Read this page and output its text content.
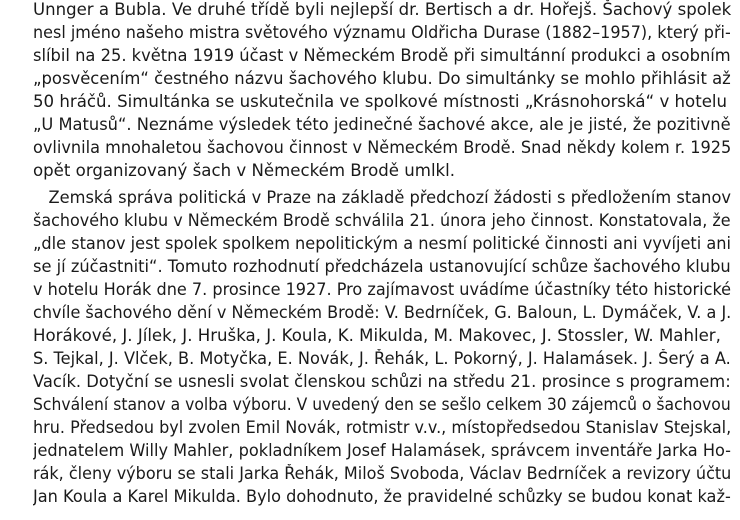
Unnger a Bubla. Ve druhé třídě byli nejlepší dr. Bertisch a dr. Hořejš. Šachový spolek
nesl jméno našeho mistra světového významu Oldřicha Durase (1882–1957), který při-
slíbil na 25. května 1919 účast v Německém Brodě při simultánní produkci a osobním
„posvěcením“ čestného názvu šachového klubu. Do simultánky se mohlo přihlásit až
50 hráčů. Simultánka se uskutečnila ve spolkové místnosti „Krásnohorská“ v hotelu
„U Matusů“. Neznáme výsledek této jedinečné šachové akce, ale je jisté, že pozitivně
ovlivnila mnohaletou šachovou činnost v Německém Brodě. Snad někdy kolem r. 1925
opět organizovaný šach v Německém Brodě umlkl.
Zemská správa politická v Praze na základě předchozí žádosti s předložením stanov
šachového klubu v Německém Brodě schválila 21. února jeho činnost. Konstatovala, že
„dle stanov jest spolek spolkem nepolitickým a nesmí politické činnosti ani vyvíjeti ani
se jí zúčastniti“. Tomuto rozhodnutí předcházela ustanovující schůze šachového klubu
v hotelu Horák dne 7. prosince 1927. Pro zajímavost uvádíme účastníky této historické
chvíle šachového dění v Německém Brodě: V. Bedrníček, G. Baloun, L. Dymáček, V. a J.
Horákové, J. Jílek, J. Hruška, J. Koula, K. Mikulda, M. Makovec, J. Stossler, W. Mahler,
S. Tejkal, J. Vlček, B. Motyčka, E. Novák, J. Řehák, L. Pokorný, J. Halamásek. J. Šerý a A.
Vacík. Dotyční se usnesli svolat členskou schůzi na středu 21. prosince s programem:
Schválení stanov a volba výboru. V uvedený den se sešlo celkem 30 zájemců o šachovou
hru. Předsedou byl zvolen Emil Novák, rotmistr v.v., místopředsedou Stanislav Stejskal,
jednatelem Willy Mahler, pokladníkem Josef Halamásek, správcem inventáře Jarka Ho-
rák, členy výboru se stali Jarka Řehák, Miloš Svoboda, Václav Bedrníček a revizory účtu
Jan Koula a Karel Mikulda. Bylo dohodnuto, že pravidelné schůzky se budou konat kaž-
